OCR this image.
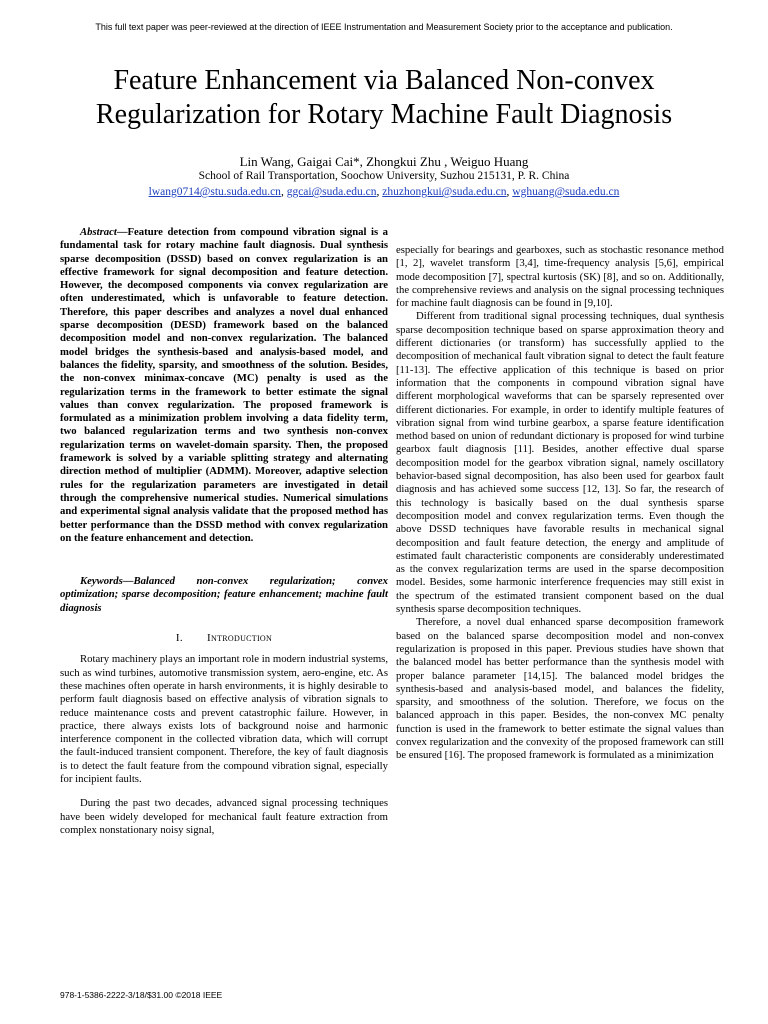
This full text paper was peer-reviewed at the direction of IEEE Instrumentation and Measurement Society prior to the acceptance and publication.
Feature Enhancement via Balanced Non-convex
Regularization for Rotary Machine Fault Diagnosis
Lin Wang, Gaigai Cai*, Zhongkui Zhu , Weiguo Huang
School of Rail Transportation, Soochow University, Suzhou 215131, P. R. China
lwang0714@stu.suda.edu.cn, ggcai@suda.edu.cn, zhuzhongkui@suda.edu.cn, wghuang@suda.edu.cn
Abstract—Feature detection from compound vibration signal is a fundamental task for rotary machine fault diagnosis. Dual synthesis sparse decomposition (DSSD) based on convex regularization is an effective framework for signal decomposition and feature detection. However, the decomposed components via convex regularization are often underestimated, which is unfavorable to feature detection. Therefore, this paper describes and analyzes a novel dual enhanced sparse decomposition (DESD) framework based on the balanced decomposition model and non-convex regularization. The balanced model bridges the synthesis-based and analysis-based model, and balances the fidelity, sparsity, and smoothness of the solution. Besides, the non-convex minimax-concave (MC) penalty is used as the regularization terms in the framework to better estimate the signal values than convex regularization. The proposed framework is formulated as a minimization problem involving a data fidelity term, two balanced regularization terms and two synthesis non-convex regularization terms on wavelet-domain sparsity. Then, the proposed framework is solved by a variable splitting strategy and alternating direction method of multiplier (ADMM). Moreover, adaptive selection rules for the regularization parameters are investigated in detail through the comprehensive numerical studies. Numerical simulations and experimental signal analysis validate that the proposed method has better performance than the DSSD method with convex regularization on the feature enhancement and detection.
Keywords—Balanced non-convex regularization; convex optimization; sparse decomposition; feature enhancement; machine fault diagnosis
I. Introduction

Rotary machinery plays an important role in modern industrial systems, such as wind turbines, automotive transmission system, aero-engine, etc. As these machines often operate in harsh environments, it is highly desirable to perform fault diagnosis based on effective analysis of vibration signals to reduce maintenance costs and prevent catastrophic failure. However, in practice, there always exists lots of background noise and harmonic interference component in the collected vibration data, which will corrupt the fault-induced transient component. Therefore, the key of fault diagnosis is to detect the fault feature from the compound vibration signal, especially for incipient faults.

During the past two decades, advanced signal processing techniques have been widely developed for mechanical fault feature extraction from complex nonstationary noisy signal,

especially for bearings and gearboxes, such as stochastic resonance method [1, 2], wavelet transform [3,4], time-frequency analysis [5,6], empirical mode decomposition [7], spectral kurtosis (SK) [8], and so on. Additionally, the comprehensive reviews and analysis on the signal processing techniques for machine fault diagnosis can be found in [9,10].

Different from traditional signal processing techniques, dual synthesis sparse decomposition technique based on sparse approximation theory and different dictionaries (or transform) has successfully applied to the decomposition of mechanical fault vibration signal to detect the fault feature [11-13]. The effective application of this technique is based on prior information that the components in compound vibration signal have different morphological waveforms that can be sparsely represented over different dictionaries. For example, in order to identify multiple features of vibration signal from wind turbine gearbox, a sparse feature identification method based on union of redundant dictionary is proposed for wind turbine gearbox fault diagnosis [11]. Besides, another effective dual sparse decomposition model for the gearbox vibration signal, namely oscillatory behavior-based signal decomposition, has also been used for gearbox fault diagnosis and has achieved some success [12, 13]. So far, the research of this technology is basically based on the dual synthesis sparse decomposition model and convex regularization terms. Even though the above DSSD techniques have favorable results in mechanical signal decomposition and fault feature detection, the energy and amplitude of estimated fault characteristic components are considerably underestimated as the convex regularization terms are used in the sparse decomposition model. Besides, some harmonic interference frequencies may still exist in the spectrum of the estimated transient component based on the dual synthesis sparse decomposition techniques.

Therefore, a novel dual enhanced sparse decomposition framework based on the balanced sparse decomposition model and non-convex regularization is proposed in this paper. Previous studies have shown that the balanced model has better performance than the synthesis model with proper balance parameter [14,15]. The balanced model bridges the synthesis-based and analysis-based model, and balances the fidelity, sparsity, and smoothness of the solution. Therefore, we focus on the balanced approach in this paper. Besides, the non-convex MC penalty function is used in the framework to better estimate the signal values than convex regularization and the convexity of the proposed framework can still be ensured [16]. The proposed framework is formulated as a minimization

978-1-5386-2222-3/18/$31.00 ©2018 IEEE
